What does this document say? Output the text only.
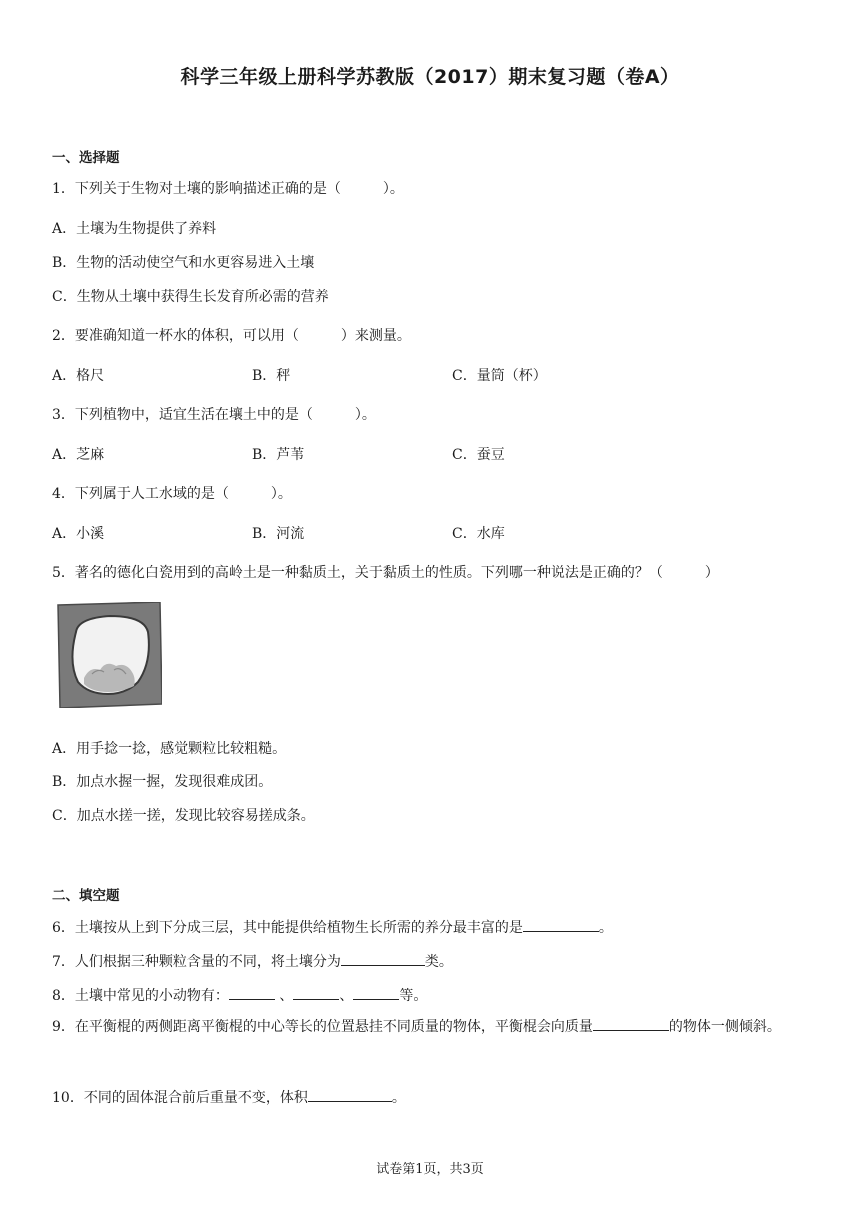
科学三年级上册科学苏教版（2017）期末复习题（卷A）
一、选择题
1．下列关于生物对土壤的影响描述正确的是（　　　）。
A．土壤为生物提供了养料
B．生物的活动使空气和水更容易进入土壤
C．生物从土壤中获得生长发育所必需的营养
2．要准确知道一杯水的体积，可以用（　　　）来测量。
A．格尺	B．秤	C．量筒（杯）
3．下列植物中，适宜生活在壤土中的是（　　　）。
A．芝麻	B．芦苇	C．蚕豆
4．下列属于人工水域的是（　　　）。
A．小溪	B．河流	C．水库
5．著名的德化白瓷用到的高岭土是一种黏质土，关于黏质土的性质。下列哪一种说法是正确的？（　　　）
A．用手捻一捻，感觉颗粒比较粗糙。
B．加点水握一握，发现很难成团。
C．加点水搓一搓，发现比较容易搓成条。
二、填空题
6．土壤按从上到下分成三层，其中能提供给植物生长所需的养分最丰富的是	。
7．人们根据三种颗粒含量的不同，将土壤分为	类。
8．土壤中常见的小动物有：	、	、	等。
9．在平衡棍的两侧距离平衡棍的中心等长的位置悬挂不同质量的物体，平衡棍会向质量	的物体一侧倾斜。
10．不同的固体混合前后重量不变，体积	。
试卷第1页，共3页
